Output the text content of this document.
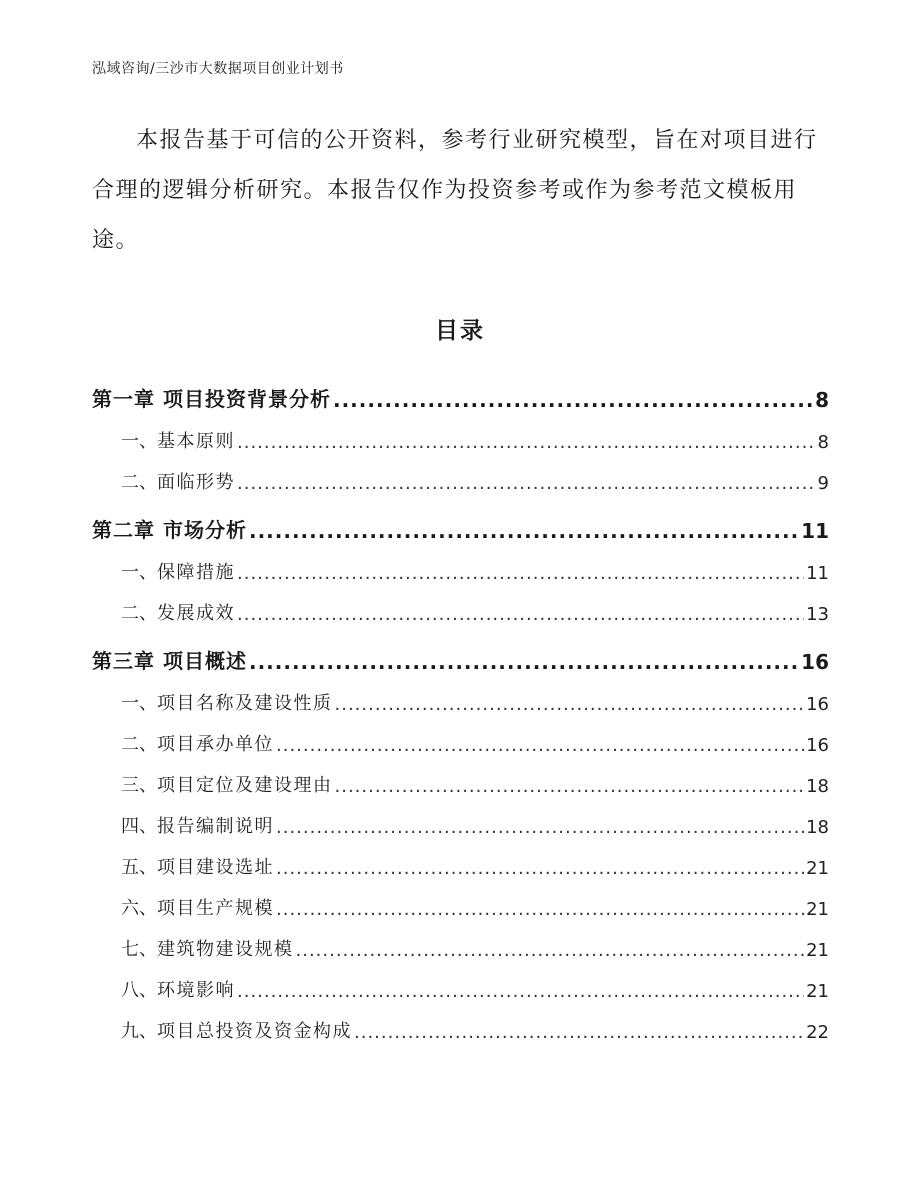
泓域咨询/三沙市大数据项目创业计划书

本报告基于可信的公开资料，参考行业研究模型，旨在对项目进行合理的逻辑分析研究。本报告仅作为投资参考或作为参考范文模板用途。

目录
第一章 项目投资背景分析 .....	8
一、 基本原则 .....	8
二、 面临形势 .....	9
第二章 市场分析 .....	11
一、 保障措施 .....	11
二、 发展成效 .....	13
第三章 项目概述 .....	16
一、 项目名称及建设性质 .....	16
二、 项目承办单位 .....	16
三、 项目定位及建设理由 .....	18
四、 报告编制说明 .....	18
五、 项目建设选址 .....	21
六、 项目生产规模 .....	21
七、 建筑物建设规模 .....	21
八、 环境影响 .....	21
九、 项目总投资及资金构成 .....	22
